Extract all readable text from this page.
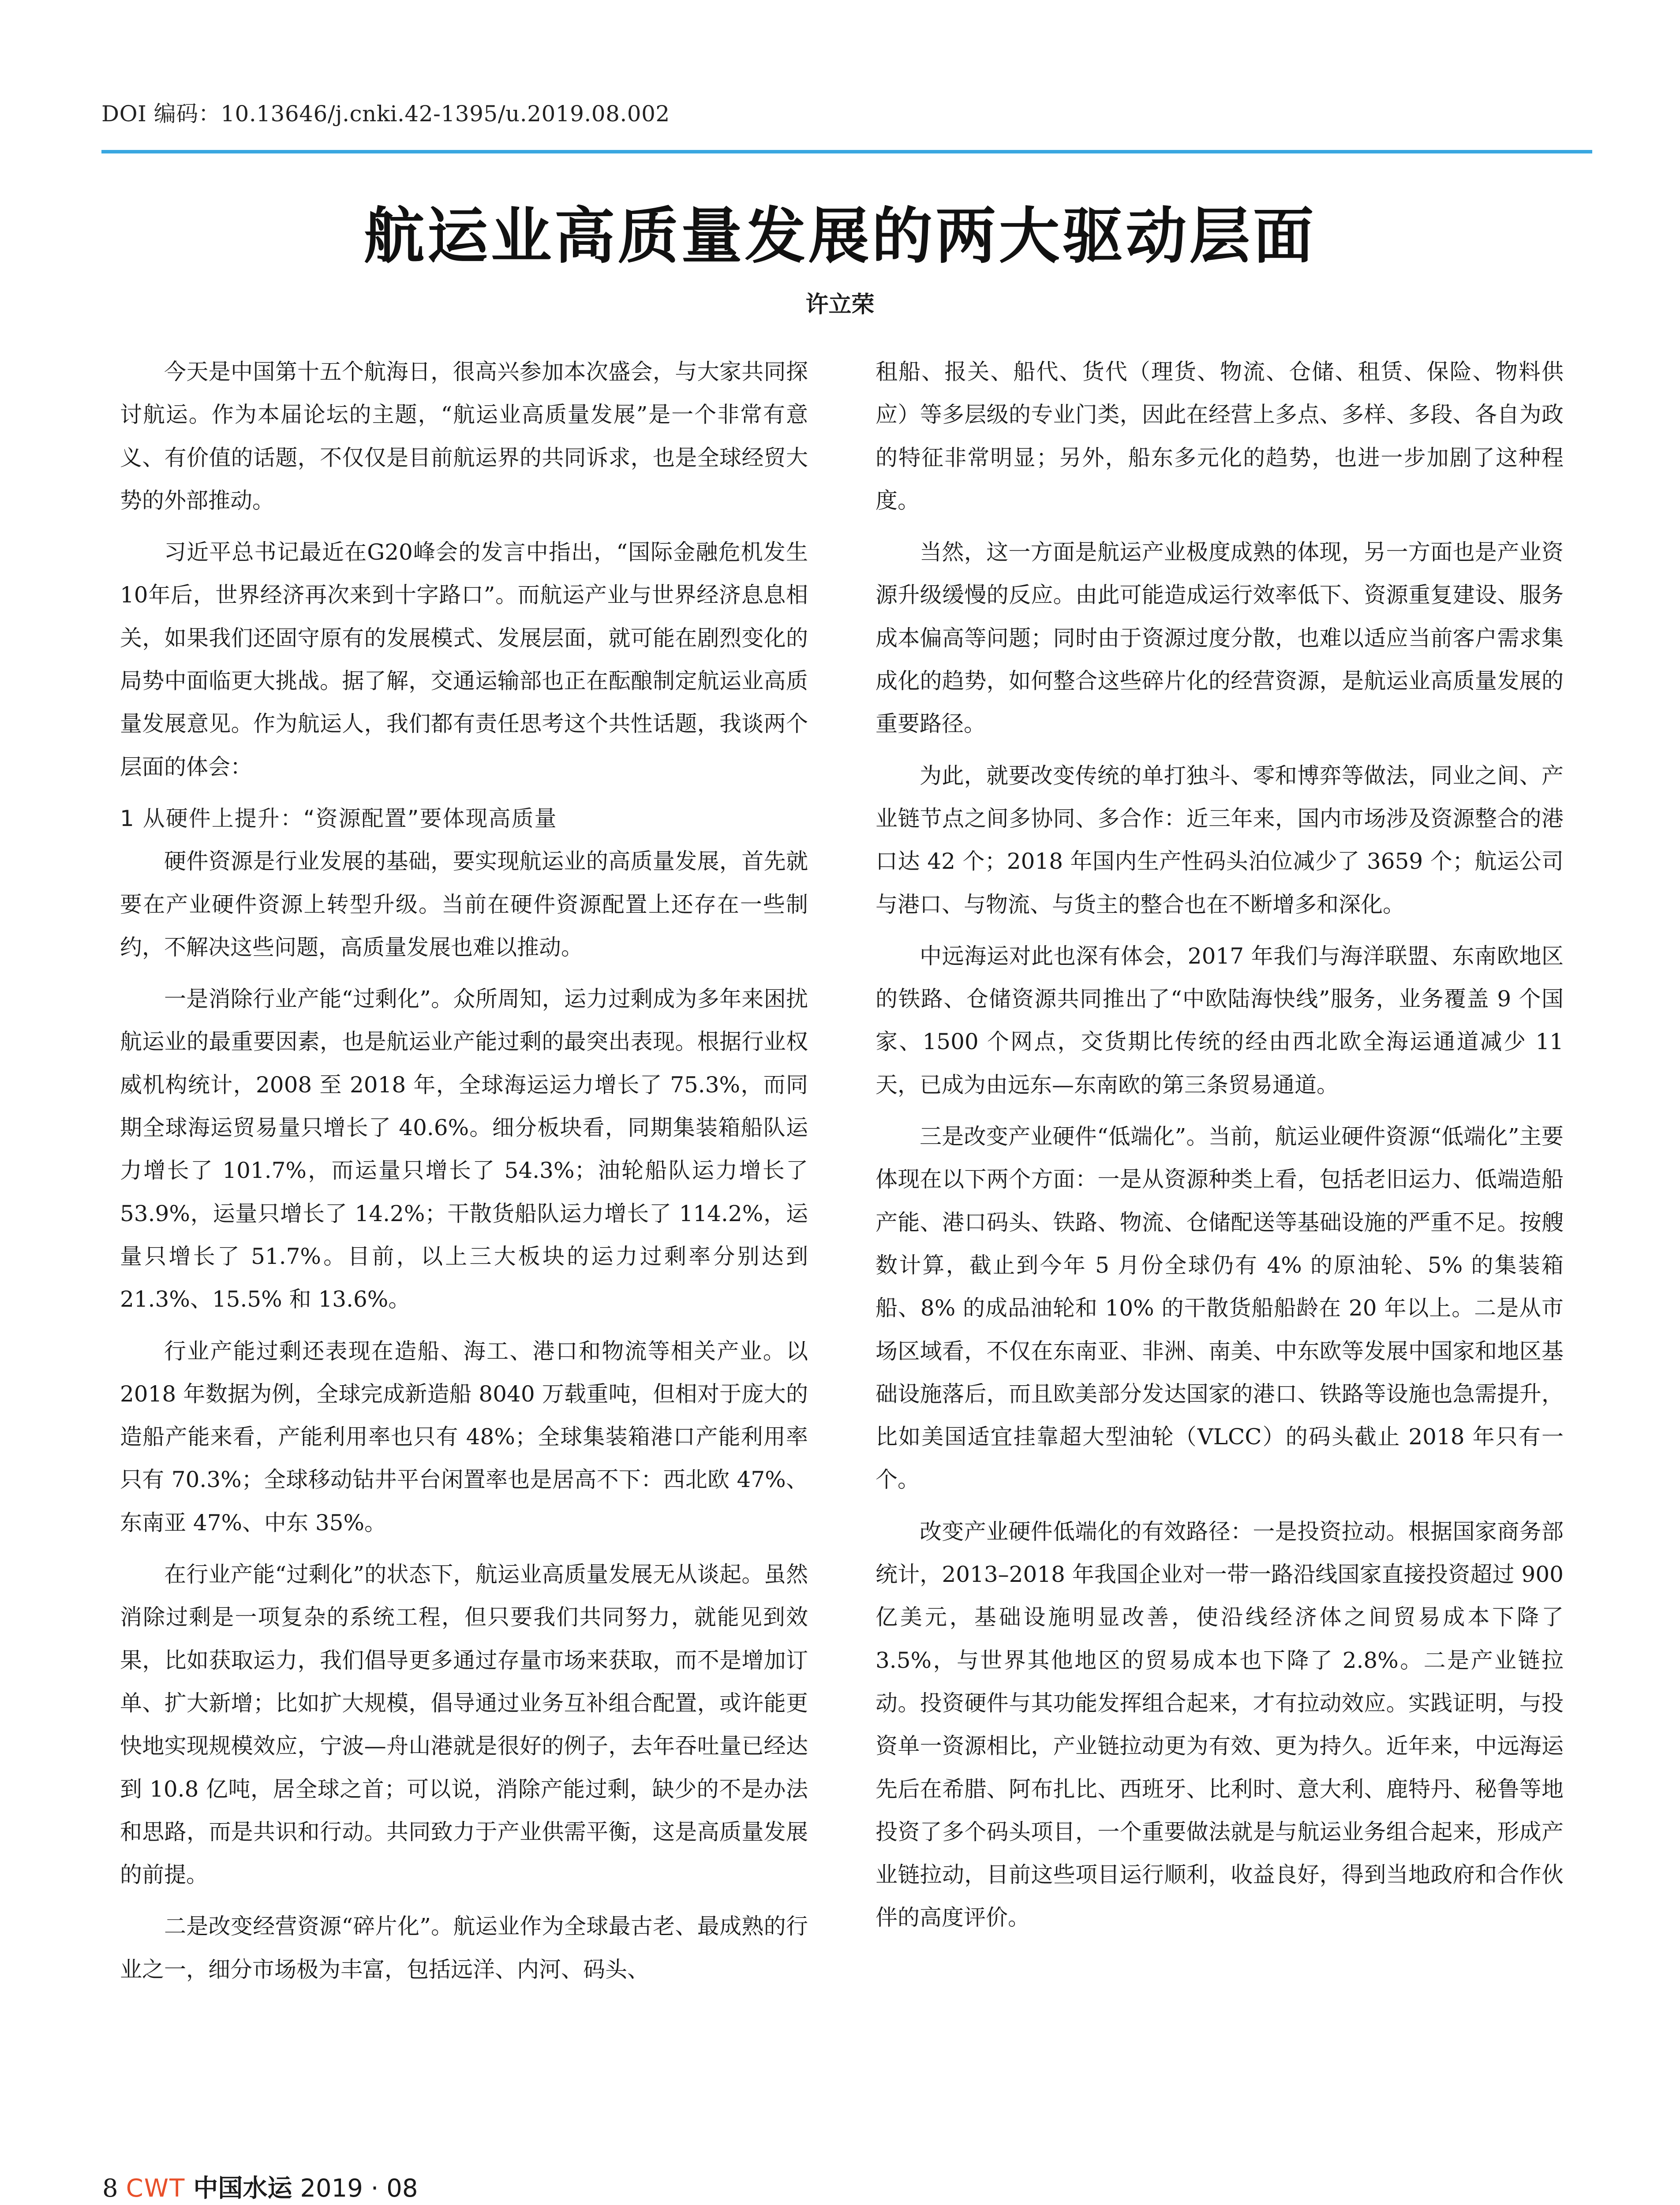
DOI 编码：10.13646/j.cnki.42-1395/u.2019.08.002
航运业高质量发展的两大驱动层面
许立荣

今天是中国第十五个航海日，很高兴参加本次盛会，与大家共同探讨航运。作为本届论坛的主题，“航运业高质量发展”是一个非常有意义、有价值的话题，不仅仅是目前航运界的共同诉求，也是全球经贸大势的外部推动。

习近平总书记最近在G20峰会的发言中指出，“国际金融危机发生10年后，世界经济再次来到十字路口”。而航运产业与世界经济息息相关，如果我们还固守原有的发展模式、发展层面，就可能在剧烈变化的局势中面临更大挑战。据了解，交通运输部也正在酝酿制定航运业高质量发展意见。作为航运人，我们都有责任思考这个共性话题，我谈两个层面的体会：

1 从硬件上提升：“资源配置”要体现高质量

硬件资源是行业发展的基础，要实现航运业的高质量发展，首先就要在产业硬件资源上转型升级。当前在硬件资源配置上还存在一些制约，不解决这些问题，高质量发展也难以推动。

一是消除行业产能“过剩化”。众所周知，运力过剩成为多年来困扰航运业的最重要因素，也是航运业产能过剩的最突出表现。根据行业权威机构统计，2008 至 2018 年，全球海运运力增长了 75.3%，而同期全球海运贸易量只增长了 40.6%。细分板块看，同期集装箱船队运力增长了 101.7%，而运量只增长了 54.3%；油轮船队运力增长了 53.9%，运量只增长了 14.2%；干散货船队运力增长了 114.2%，运量只增长了 51.7%。目前，以上三大板块的运力过剩率分别达到 21.3%、15.5% 和 13.6%。

行业产能过剩还表现在造船、海工、港口和物流等相关产业。以 2018 年数据为例，全球完成新造船 8040 万载重吨，但相对于庞大的造船产能来看，产能利用率也只有 48%；全球集装箱港口产能利用率只有 70.3%；全球移动钻井平台闲置率也是居高不下：西北欧 47%、东南亚 47%、中东 35%。

在行业产能“过剩化”的状态下，航运业高质量发展无从谈起。虽然消除过剩是一项复杂的系统工程，但只要我们共同努力，就能见到效果，比如获取运力，我们倡导更多通过存量市场来获取，而不是增加订单、扩大新增；比如扩大规模，倡导通过业务互补组合配置，或许能更快地实现规模效应，宁波—舟山港就是很好的例子，去年吞吐量已经达到 10.8 亿吨，居全球之首；可以说，消除产能过剩，缺少的不是办法和思路，而是共识和行动。共同致力于产业供需平衡，这是高质量发展的前提。

二是改变经营资源“碎片化”。航运业作为全球最古老、最成熟的行业之一，细分市场极为丰富，包括远洋、内河、码头、

租船、报关、船代、货代（理货、物流、仓储、租赁、保险、物料供应）等多层级的专业门类，因此在经营上多点、多样、多段、各自为政的特征非常明显；另外，船东多元化的趋势，也进一步加剧了这种程度。

当然，这一方面是航运产业极度成熟的体现，另一方面也是产业资源升级缓慢的反应。由此可能造成运行效率低下、资源重复建设、服务成本偏高等问题；同时由于资源过度分散，也难以适应当前客户需求集成化的趋势，如何整合这些碎片化的经营资源，是航运业高质量发展的重要路径。

为此，就要改变传统的单打独斗、零和博弈等做法，同业之间、产业链节点之间多协同、多合作：近三年来，国内市场涉及资源整合的港口达 42 个；2018 年国内生产性码头泊位减少了 3659 个；航运公司与港口、与物流、与货主的整合也在不断增多和深化。

中远海运对此也深有体会，2017 年我们与海洋联盟、东南欧地区的铁路、仓储资源共同推出了“中欧陆海快线”服务，业务覆盖 9 个国家、1500 个网点，交货期比传统的经由西北欧全海运通道减少 11 天，已成为由远东—东南欧的第三条贸易通道。

三是改变产业硬件“低端化”。当前，航运业硬件资源“低端化”主要体现在以下两个方面：一是从资源种类上看，包括老旧运力、低端造船产能、港口码头、铁路、物流、仓储配送等基础设施的严重不足。按艘数计算，截止到今年 5 月份全球仍有 4% 的原油轮、5% 的集装箱船、8% 的成品油轮和 10% 的干散货船船龄在 20 年以上。二是从市场区域看，不仅在东南亚、非洲、南美、中东欧等发展中国家和地区基础设施落后，而且欧美部分发达国家的港口、铁路等设施也急需提升，比如美国适宜挂靠超大型油轮（VLCC）的码头截止 2018 年只有一个。

改变产业硬件低端化的有效路径：一是投资拉动。根据国家商务部统计，2013–2018 年我国企业对一带一路沿线国家直接投资超过 900 亿美元，基础设施明显改善，使沿线经济体之间贸易成本下降了 3.5%，与世界其他地区的贸易成本也下降了 2.8%。二是产业链拉动。投资硬件与其功能发挥组合起来，才有拉动效应。实践证明，与投资单一资源相比，产业链拉动更为有效、更为持久。近年来，中远海运先后在希腊、阿布扎比、西班牙、比利时、意大利、鹿特丹、秘鲁等地投资了多个码头项目，一个重要做法就是与航运业务组合起来，形成产业链拉动，目前这些项目运行顺利，收益良好，得到当地政府和合作伙伴的高度评价。

8 CWT 中国水运 2019 · 08
